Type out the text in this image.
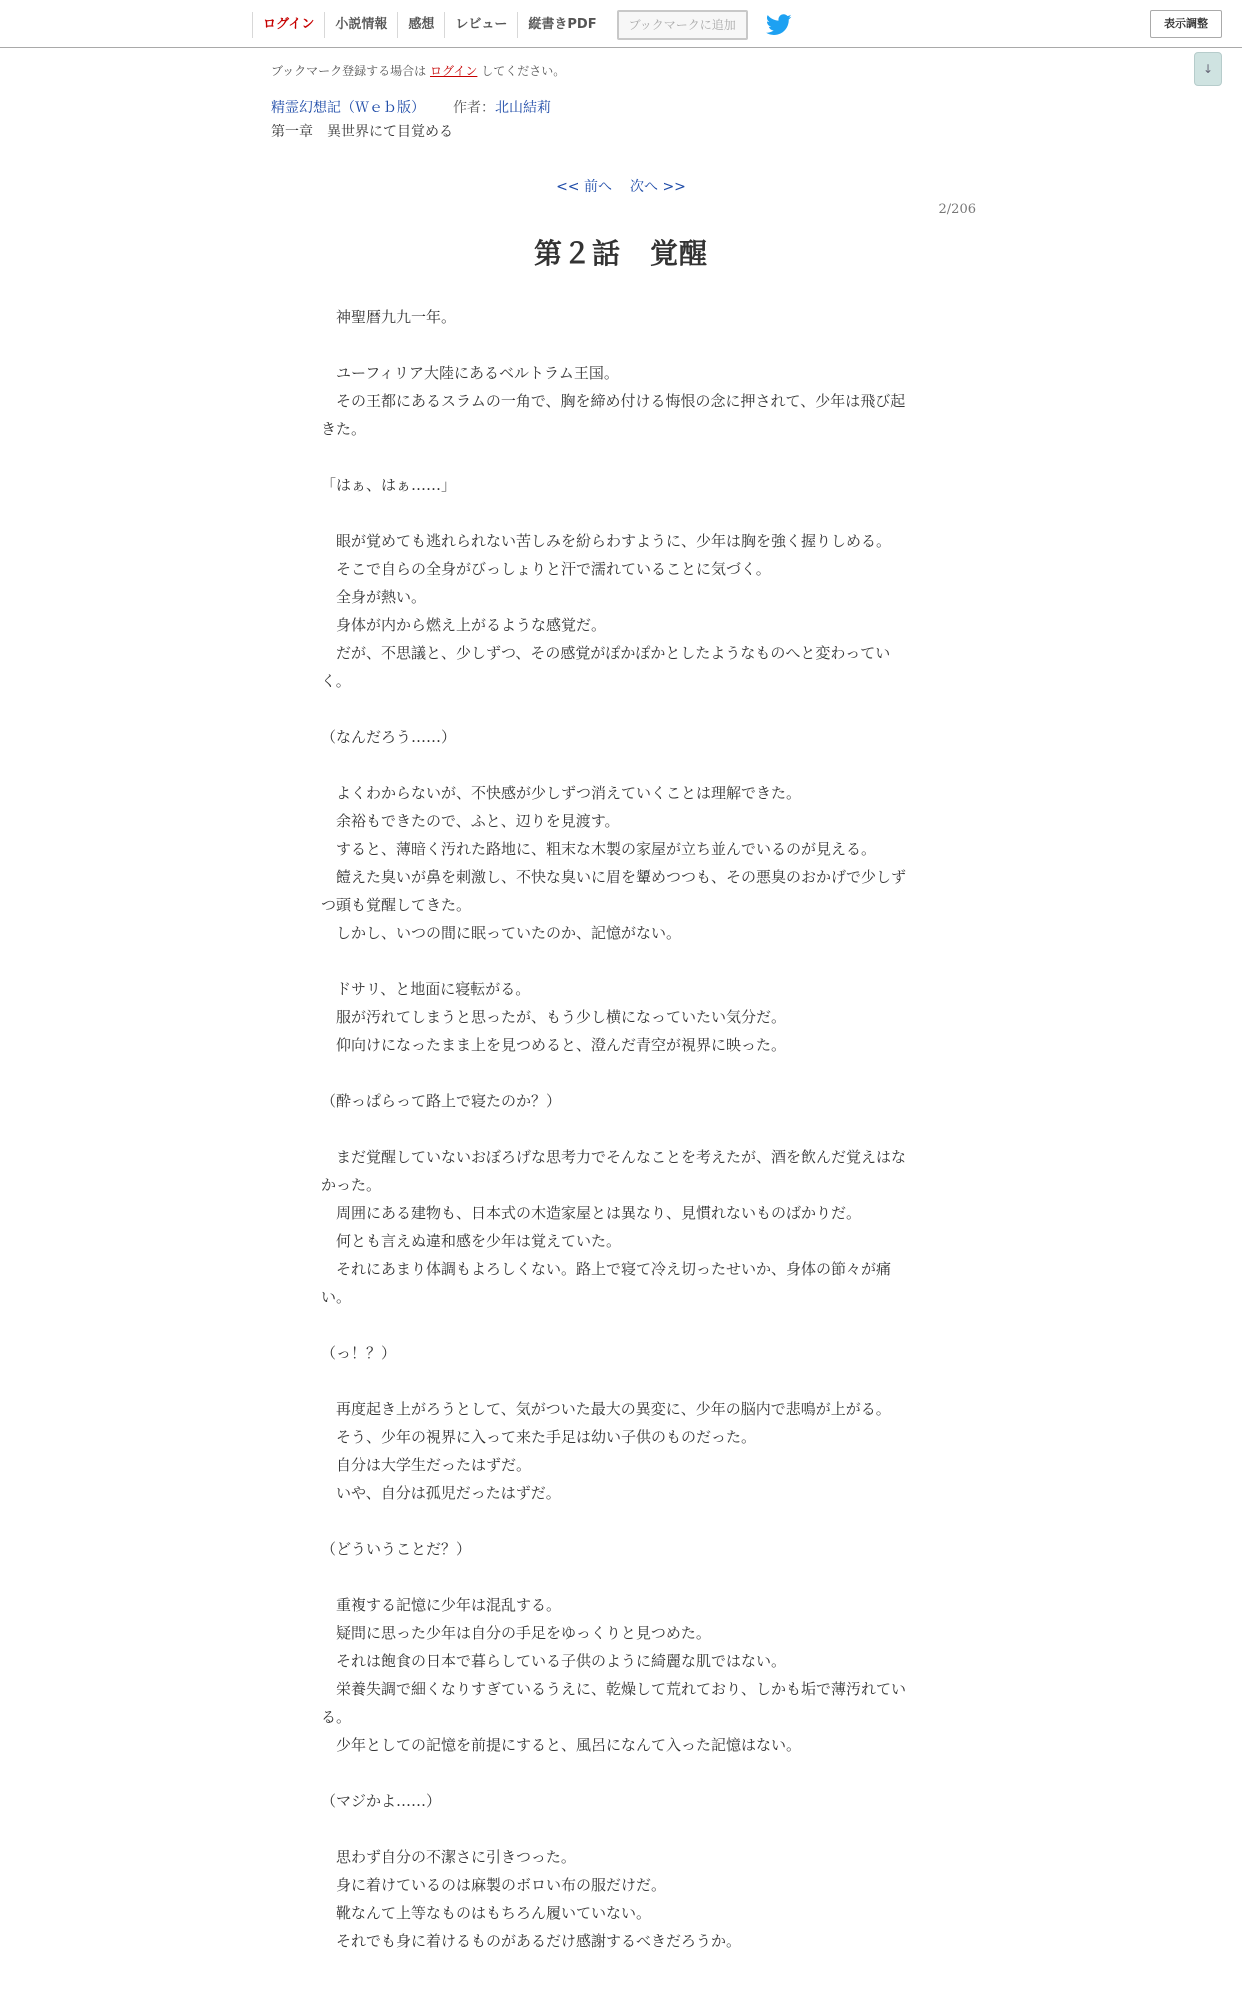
ログイン	小説情報	感想	レビュー	縦書きPDF	ブックマークに追加	表示調整
↓
ブックマーク登録する場合は ログイン してください。
精霊幻想記（Ｗｅｂ版） 作者：北山結莉
第一章　異世界にて目覚める
<< 前へ 次へ >>
2/206
第２話　覚醒

　神聖暦九九一年。

　ユーフィリア大陸にあるベルトラム王国。

　その王都にあるスラムの一角で、胸を締め付ける悔恨の念に押されて、少年は飛び起きた。

「はぁ、はぁ……」

　眼が覚めても逃れられない苦しみを紛らわすように、少年は胸を強く握りしめる。

　そこで自らの全身がびっしょりと汗で濡れていることに気づく。

　全身が熱い。

　身体が内から燃え上がるような感覚だ。

　だが、不思議と、少しずつ、その感覚がぽかぽかとしたようなものへと変わっていく。

（なんだろう……）

　よくわからないが、不快感が少しずつ消えていくことは理解できた。

　余裕もできたので、ふと、辺りを見渡す。

　すると、薄暗く汚れた路地に、粗末な木製の家屋が立ち並んでいるのが見える。

　饐えた臭いが鼻を刺激し、不快な臭いに眉を顰めつつも、その悪臭のおかげで少しずつ頭も覚醒してきた。

　しかし、いつの間に眠っていたのか、記憶がない。

　ドサリ、と地面に寝転がる。

　服が汚れてしまうと思ったが、もう少し横になっていたい気分だ。

　仰向けになったまま上を見つめると、澄んだ青空が視界に映った。

（酔っぱらって路上で寝たのか？）

　まだ覚醒していないおぼろげな思考力でそんなことを考えたが、酒を飲んだ覚えはなかった。

　周囲にある建物も、日本式の木造家屋とは異なり、見慣れないものばかりだ。

　何とも言えぬ違和感を少年は覚えていた。

　それにあまり体調もよろしくない。路上で寝て冷え切ったせいか、身体の節々が痛い。

（っ！？）

　再度起き上がろうとして、気がついた最大の異変に、少年の脳内で悲鳴が上がる。

　そう、少年の視界に入って来た手足は幼い子供のものだった。

　自分は大学生だったはずだ。

　いや、自分は孤児だったはずだ。

（どういうことだ？）

　重複する記憶に少年は混乱する。

　疑問に思った少年は自分の手足をゆっくりと見つめた。

　それは飽食の日本で暮らしている子供のように綺麗な肌ではない。

　栄養失調で細くなりすぎているうえに、乾燥して荒れており、しかも垢で薄汚れている。

　少年としての記憶を前提にすると、風呂になんて入った記憶はない。

（マジかよ……）

　思わず自分の不潔さに引きつった。

　身に着けているのは麻製のボロい布の服だけだ。

　靴なんて上等なものはもちろん履いていない。

　それでも身に着けるものがあるだけ感謝するべきだろうか。
